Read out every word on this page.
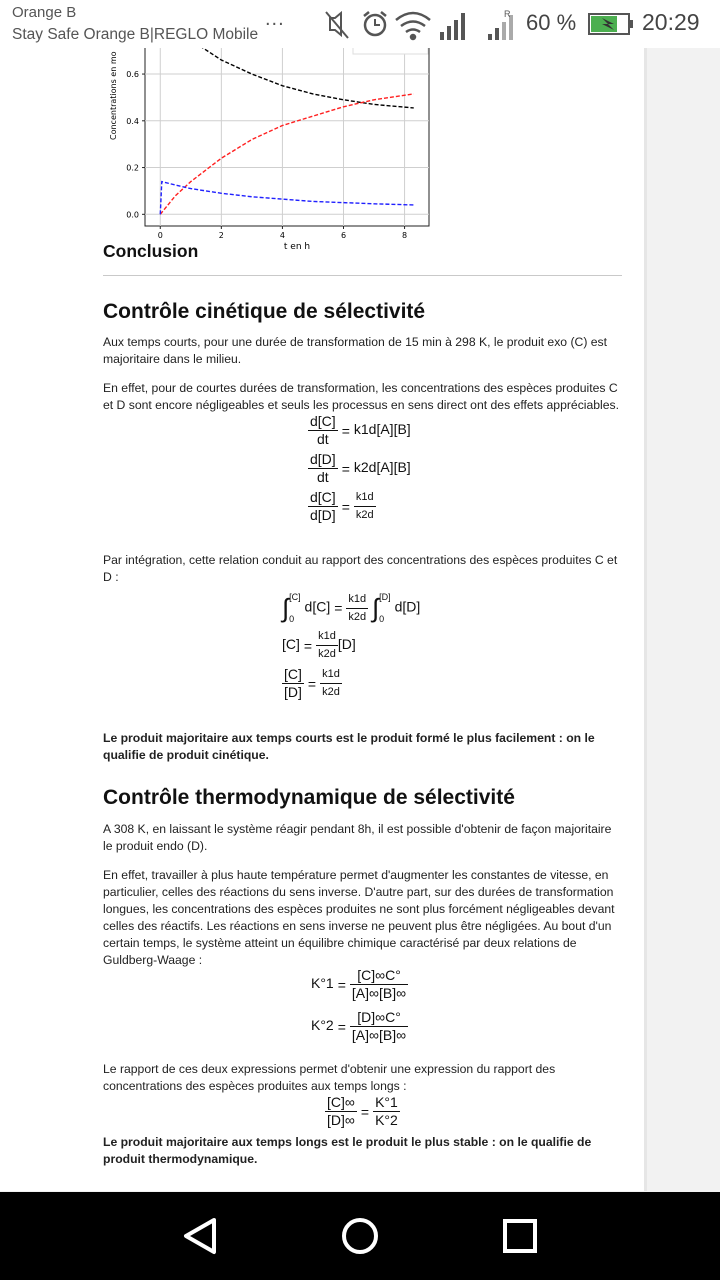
Orange B
Stay Safe Orange B|REGLO Mobile
...	R 60 %	20:29
0	2	4	6	8
0.0
0.2
0.4
0.6
t en h
Concentrations en mo
Conclusion
Contrôle cinétique de sélectivité

Aux temps courts, pour une durée de transformation de 15 min à 298 K, le produit exo (C) est majoritaire dans le milieu.

En effet, pour de courtes durées de transformation, les concentrations des espèces produites C et D sont encore négligeables et seuls les processus en sens direct ont des effets appréciables.

$\frac{d[C]}{dt} = k1d[A][B]$
$\frac{d[D]}{dt} = k2d[A][B]$
$\frac{d[C]}{d[D]} = \frac{k1d}{k2d}$

Par intégration, cette relation conduit au rapport des concentrations des espèces produites C et D :

∫ [C]
0
$d[C] = \frac{k1d}{k2d}$ ∫ [D]
0
d[D]
$[C] = \frac{k1d}{k2d} [D]$
$\frac{[C]}{[D]} = \frac{k1d}{k2d}$

Le produit majoritaire aux temps courts est le produit formé le plus facilement : on le qualifie de produit cinétique.

Contrôle thermodynamique de sélectivité

A 308 K, en laissant le système réagir pendant 8h, il est possible d'obtenir de façon majoritaire le produit endo (D).

En effet, travailler à plus haute température permet d'augmenter les constantes de vitesse, en particulier, celles des réactions du sens inverse. D'autre part, sur des durées de transformation longues, les concentrations des espèces produites ne sont plus forcément négligeables devant celles des réactifs. Les réactions en sens inverse ne peuvent plus être négligées. Au bout d'un certain temps, le système atteint un équilibre chimique caractérisé par deux relations de Guldberg-Waage :

$K^\circ 1 = \frac{[C]\infty C^\circ}{[A]\infty[B]\infty}$
$K^\circ 2 = \frac{[D]\infty C^\circ}{[A]\infty[B]\infty}$

Le rapport de ces deux expressions permet d'obtenir une expression du rapport des concentrations des espèces produites aux temps longs :

$\frac{[C]\infty}{[D]\infty} = \frac{K^\circ 1}{K^\circ 2}$

Le produit majoritaire aux temps longs est le produit le plus stable : on le qualifie de produit thermodynamique.
